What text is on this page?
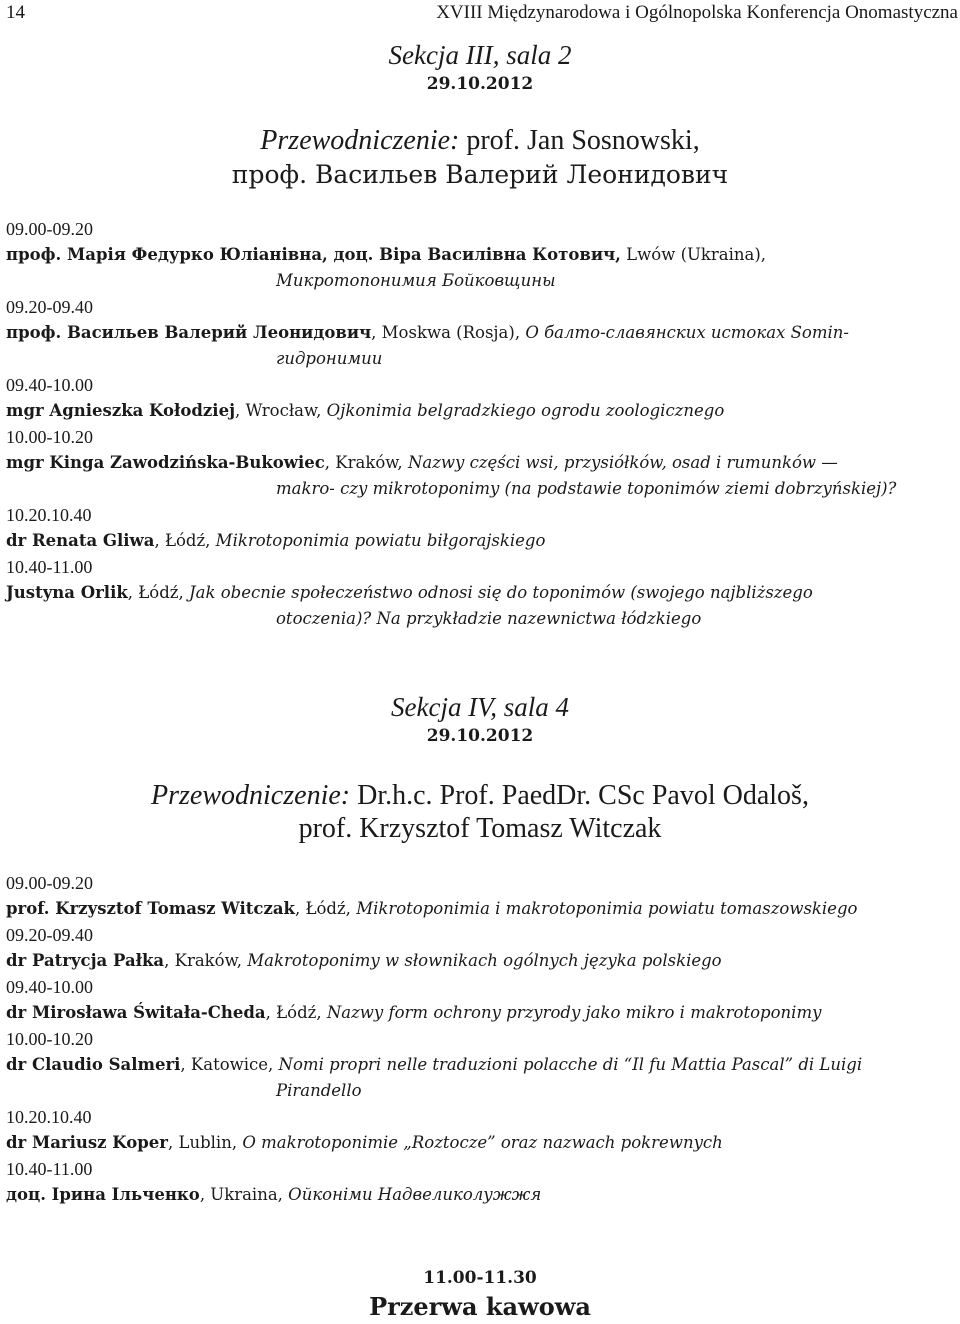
14	XVIII Międzynarodowa i Ogólnopolska Konferencja Onomastyczna
Sekcja III, sala 2
29.10.2012
Przewodniczenie: prof. Jan Sosnowski,
проф. Васильев Валерий Леонидович
09.00-09.20
проф. Марія Федурко Юліанівна, доц. Віра Василівна Котович, Lwów (Ukraina),
Микротопонимия Бойковщины
09.20-09.40
проф. Васильев Валерий Леонидович, Moskwa (Rosja), О балто-славянских истоках Somin-
гидронимии
09.40-10.00
mgr Agnieszka Kołodziej, Wrocław, Ojkonimia belgradzkiego ogrodu zoologicznego
10.00-10.20
mgr Kinga Zawodzińska-Bukowiec, Kraków, Nazwy części wsi, przysiółków, osad i rumunków —
makro- czy mikrotoponimy (na podstawie toponimów ziemi dobrzyńskiej)?
10.20.10.40
dr Renata Gliwa, Łódź, Mikrotoponimia powiatu biłgorajskiego
10.40-11.00
Justyna Orlik, Łódź, Jak obecnie społeczeństwo odnosi się do toponimów (swojego najbliższego
otoczenia)? Na przykładzie nazewnictwa łódzkiego
Sekcja IV, sala 4
29.10.2012
Przewodniczenie: Dr.h.c. Prof. PaedDr. CSc Pavol Odaloš,
prof. Krzysztof Tomasz Witczak
09.00-09.20
prof. Krzysztof Tomasz Witczak, Łódź, Mikrotoponimia i makrotoponimia powiatu tomaszowskiego
09.20-09.40
dr Patrycja Pałka, Kraków, Makrotoponimy w słownikach ogólnych języka polskiego
09.40-10.00
dr Mirosława Świtała-Cheda, Łódź, Nazwy form ochrony przyrody jako mikro i makrotoponimy
10.00-10.20
dr Claudio Salmeri, Katowice, Nomi propri nelle traduzioni polacche di “Il fu Mattia Pascal” di Luigi
Pirandello
10.20.10.40
dr Mariusz Koper, Lublin, O makrotoponimie „Roztocze” oraz nazwach pokrewnych
10.40-11.00
доц. Ірина Ільченко, Ukraina, Ойконіми Надвеликолужжя
11.00-11.30
Przerwa kawowa
